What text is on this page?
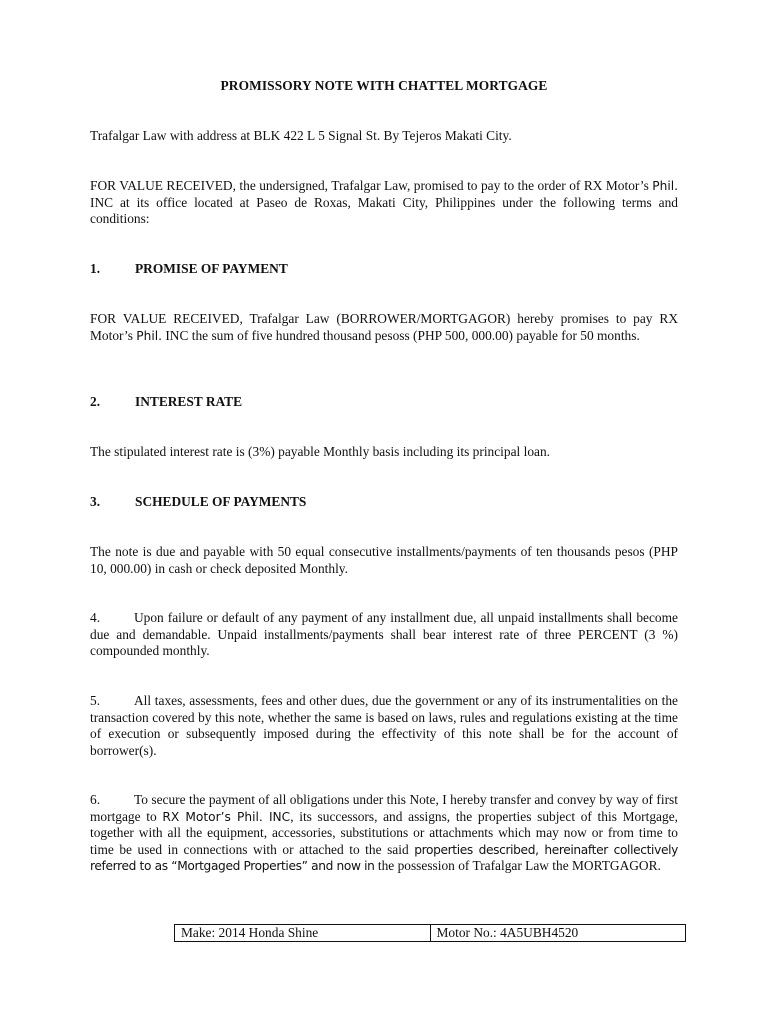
PROMISSORY NOTE WITH CHATTEL MORTGAGE
Trafalgar Law with address at BLK 422 L 5 Signal St. By Tejeros Makati City.
FOR VALUE RECEIVED, the undersigned, Trafalgar Law, promised to pay to the order of RX Motor’s Phil. INC at its office located at Paseo de Roxas, Makati City, Philippines under the following terms and conditions:
1.	PROMISE OF PAYMENT
FOR VALUE RECEIVED, Trafalgar Law (BORROWER/MORTGAGOR) hereby promises to pay RX Motor’s Phil. INC the sum of five hundred thousand pesoss (PHP 500, 000.00) payable for 50 months.
2.	INTEREST RATE
The stipulated interest rate is (3%) payable Monthly basis including its principal loan.
3.	SCHEDULE OF PAYMENTS
The note is due and payable with 50 equal consecutive installments/payments of ten thousands pesos (PHP 10, 000.00) in cash or check deposited Monthly.
4.	Upon failure or default of any payment of any installment due, all unpaid installments shall become due and demandable. Unpaid installments/payments shall bear interest rate of three PERCENT (3 %) compounded monthly.
5.	All taxes, assessments, fees and other dues, due the government or any of its instrumentalities on the transaction covered by this note, whether the same is based on laws, rules and regulations existing at the time of execution or subsequently imposed during the effectivity of this note shall be for the account of borrower(s).
6.	To secure the payment of all obligations under this Note, I hereby transfer and convey by way of first mortgage to RX Motor’s Phil. INC, its successors, and assigns, the properties subject of this Mortgage, together with all the equipment, accessories, substitutions or attachments which may now or from time to time be used in connections with or attached to the said properties described, hereinafter collectively referred to as “Mortgaged Properties” and now in the possession of Trafalgar Law the MORTGAGOR.
Make: 2014 Honda Shine	Motor No.: 4A5UBH4520
